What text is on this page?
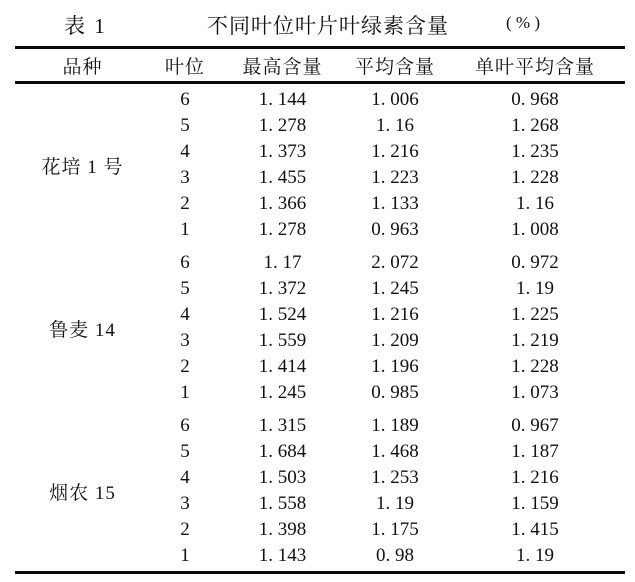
表 1	不同叶位叶片叶绿素含量	( % )
品种	叶位	最高含量	平均含量	单叶平均含量
花培 1 号
6	1. 144	1. 006	0. 968
5	1. 278	1. 16	1. 268
4	1. 373	1. 216	1. 235
3	1. 455	1. 223	1. 228
2	1. 366	1. 133	1. 16
1	1. 278	0. 963	1. 008
鲁麦 14
6	1. 17	2. 072	0. 972
5	1. 372	1. 245	1. 19
4	1. 524	1. 216	1. 225
3	1. 559	1. 209	1. 219
2	1. 414	1. 196	1. 228
1	1. 245	0. 985	1. 073
烟农 15
6	1. 315	1. 189	0. 967
5	1. 684	1. 468	1. 187
4	1. 503	1. 253	1. 216
3	1. 558	1. 19	1. 159
2	1. 398	1. 175	1. 415
1	1. 143	0. 98	1. 19
